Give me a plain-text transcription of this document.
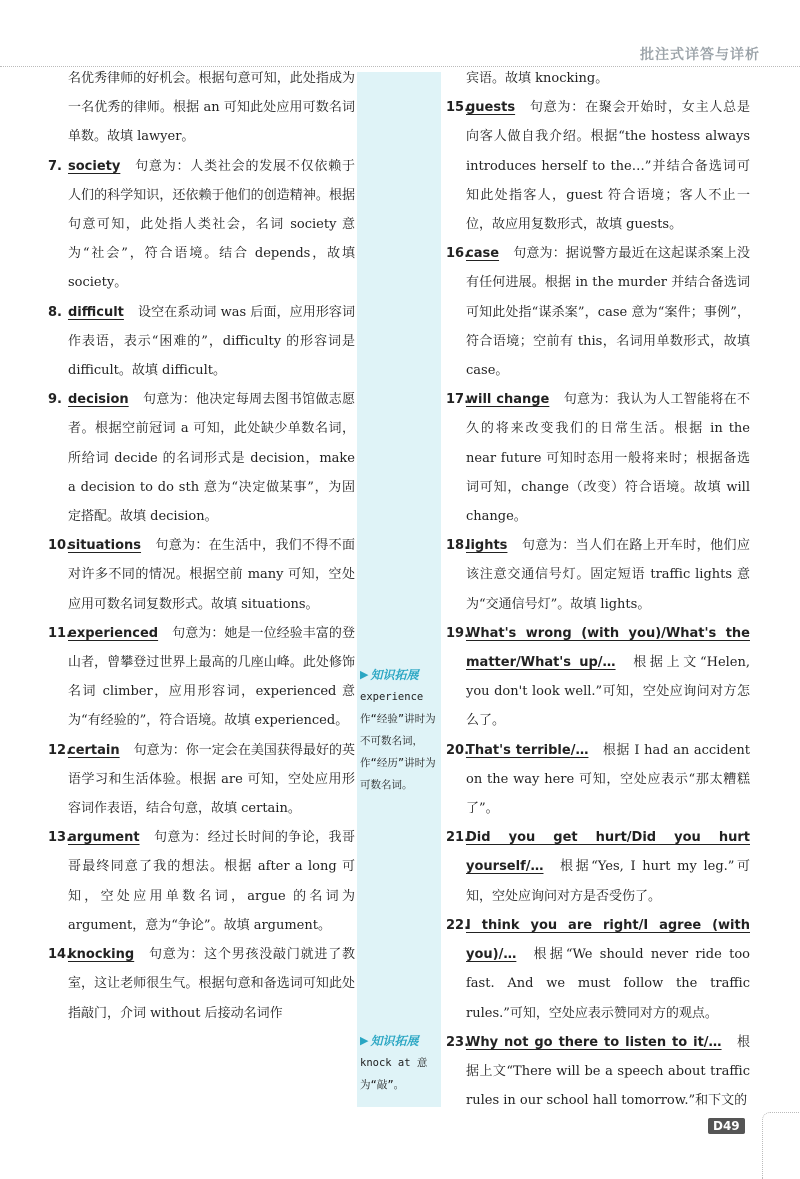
批注式详答与详析

名优秀律师的好机会。根据句意可知，此处指成为一名优秀的律师。根据 an 可知此处应用可数名词单数。故填 lawyer。

7. society 句意为：人类社会的发展不仅依赖于人们的科学知识，还依赖于他们的创造精神。根据句意可知，此处指人类社会，名词 society 意为“社会”，符合语境。结合 depends，故填 society。

8. difficult 设空在系动词 was 后面，应用形容词作表语，表示“困难的”，difficulty 的形容词是 difficult。故填 difficult。

9. decision 句意为：他决定每周去图书馆做志愿者。根据空前冠词 a 可知，此处缺少单数名词，所给词 decide 的名词形式是 decision，make a decision to do sth 意为“决定做某事”，为固定搭配。故填 decision。

10.

situations 句意为：在生活中，我们不得不面对许多不同的情况。根据空前 many 可知，空处应用可数名词复数形式。故填 situations。

11.

experienced 句意为：她是一位经验丰富的登山者，曾攀登过世界上最高的几座山峰。此处修饰名词 climber，应用形容词，experienced 意为“有经验的”，符合语境。故填 experienced。

12.

certain 句意为：你一定会在美国获得最好的英语学习和生活体验。根据 are 可知，空处应用形容词作表语，结合句意，故填 certain。

13.

argument 句意为：经过长时间的争论，我哥哥最终同意了我的想法。根据 after a long 可知，空处应用单数名词，argue 的名词为 argument，意为“争论”。故填 argument。

14.

knocking 句意为：这个男孩没敲门就进了教室，这让老师很生气。根据句意和备选词可知此处指敲门，介词 without 后接动名词作

▶ 知识拓展
experience 作“经验”讲时为不可数名词，作“经历”讲时为可数名词。
▶ 知识拓展
knock at 意为“敲”。

宾语。故填 knocking。

15.

guests 句意为：在聚会开始时，女主人总是向客人做自我介绍。根据“the hostess always introduces herself to the…”并结合备选词可知此处指客人，guest 符合语境；客人不止一位，故应用复数形式，故填 guests。

16.

case 句意为：据说警方最近在这起谋杀案上没有任何进展。根据 in the murder 并结合备选词可知此处指“谋杀案”，case 意为“案件；事例”，符合语境；空前有 this，名词用单数形式，故填 case。

17.

will change 句意为：我认为人工智能将在不久的将来改变我们的日常生活。根据 in the near future 可知时态用一般将来时；根据备选词可知，change（改变）符合语境。故填 will change。

18.

lights 句意为：当人们在路上开车时，他们应该注意交通信号灯。固定短语 traffic lights 意为“交通信号灯”。故填 lights。

19.

What's wrong (with you)/What's the matter/What's up/… 根据上文“Helen, you don't look well.”可知，空处应询问对方怎么了。

20.

That's terrible/… 根据 I had an accident on the way here 可知，空处应表示“那太糟糕了”。

21.

Did you get hurt/Did you hurt yourself/… 根据“Yes, I hurt my leg.”可知，空处应询问对方是否受伤了。

22.

I think you are right/I agree (with you)/… 根据“We should never ride too fast. And we must follow the traffic rules.”可知，空处应表示赞同对方的观点。

23.

Why not go there to listen to it/… 根据上文“There will be a speech about traffic rules in our school hall tomorrow.”和下文的

D49
